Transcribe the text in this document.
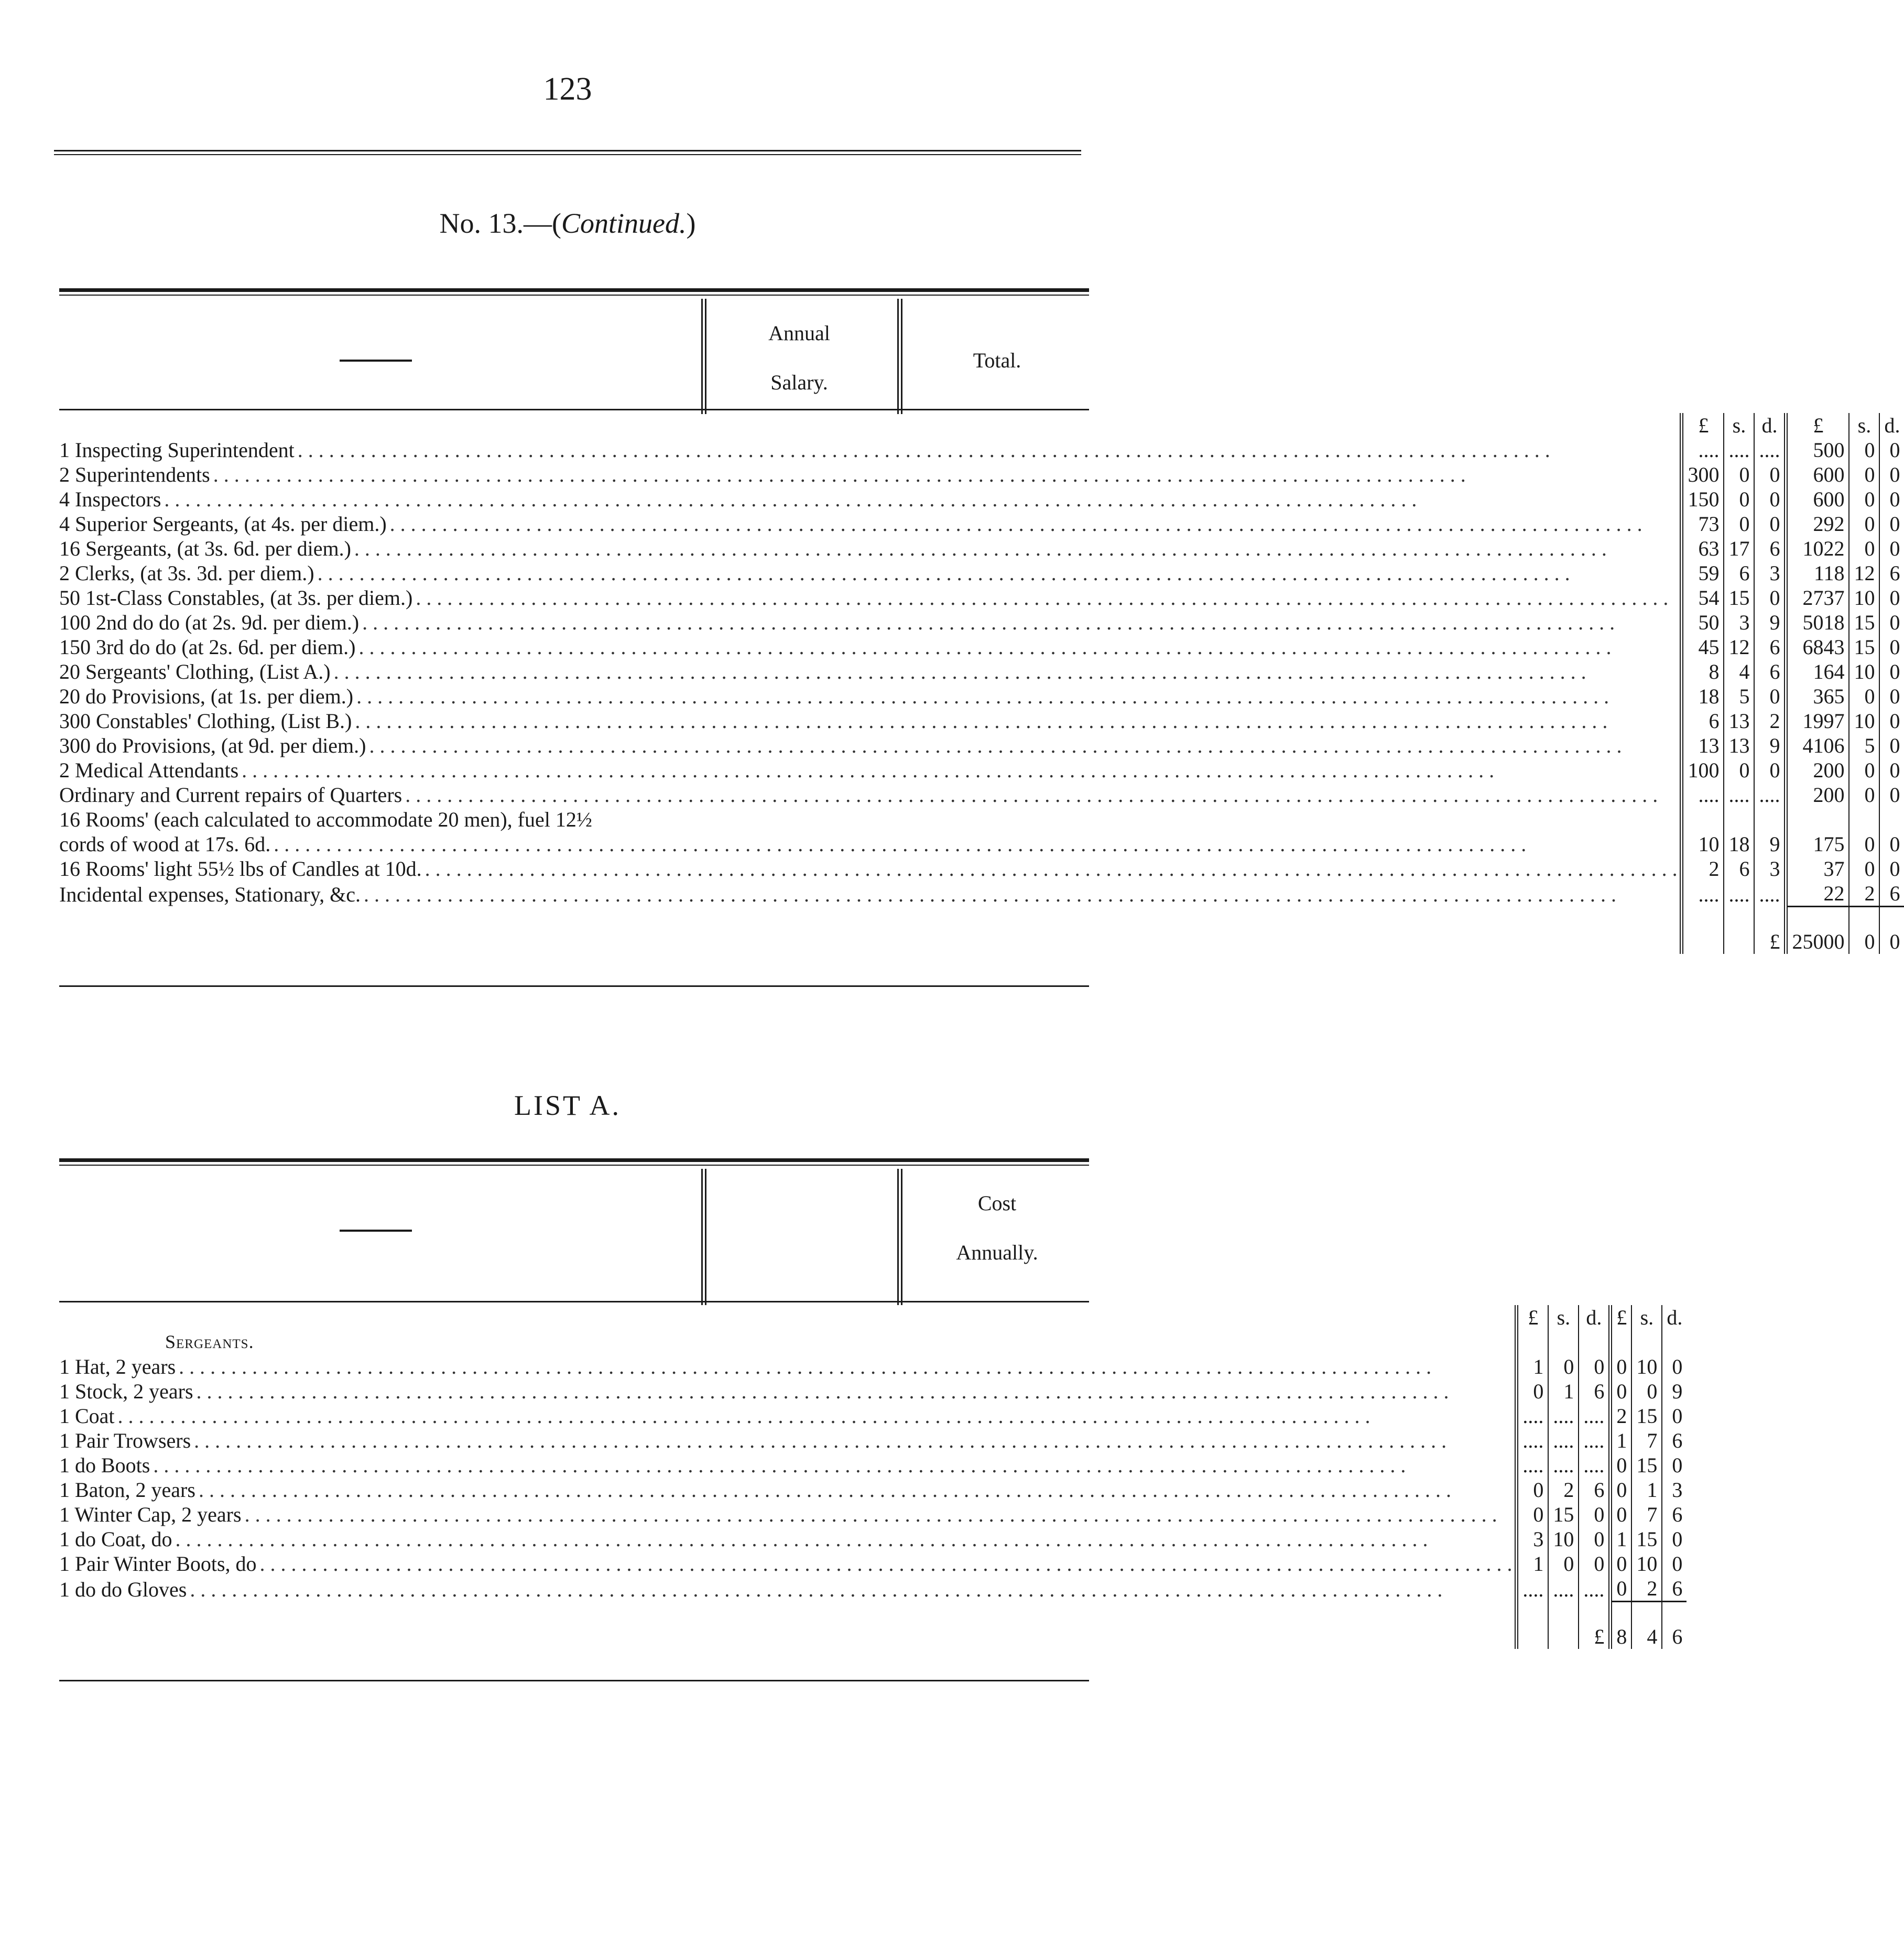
123
No. 13.—(Continued.)
Annual
Salary.
Total.
	£	s.	d.	£	s.	d.
1 Inspecting Superintendent. . . . . . . . . . . . . . . . . . . . . . . . . . . . . . . . . . . . . . . . . . . . . . . . . . . . . . . . . . . . . . . . . . . . . . . . . . . . . . . . . . . . . . . . . . . . . . . . . . . . . . . . . . . . . . . . . . . . . . . .	....	....	....	500	0	0
2 Superintendents. . . . . . . . . . . . . . . . . . . . . . . . . . . . . . . . . . . . . . . . . . . . . . . . . . . . . . . . . . . . . . . . . . . . . . . . . . . . . . . . . . . . . . . . . . . . . . . . . . . . . . . . . . . . . . . . . . . . . . . .	300	0	0	600	0	0
4 Inspectors. . . . . . . . . . . . . . . . . . . . . . . . . . . . . . . . . . . . . . . . . . . . . . . . . . . . . . . . . . . . . . . . . . . . . . . . . . . . . . . . . . . . . . . . . . . . . . . . . . . . . . . . . . . . . . . . . . . . . . . .	150	0	0	600	0	0
4 Superior Sergeants, (at 4s. per diem.). . . . . . . . . . . . . . . . . . . . . . . . . . . . . . . . . . . . . . . . . . . . . . . . . . . . . . . . . . . . . . . . . . . . . . . . . . . . . . . . . . . . . . . . . . . . . . . . . . . . . . . . . . . . . . . . . . . . . . . .	73	0	0	292	0	0
16 Sergeants, (at 3s. 6d. per diem.). . . . . . . . . . . . . . . . . . . . . . . . . . . . . . . . . . . . . . . . . . . . . . . . . . . . . . . . . . . . . . . . . . . . . . . . . . . . . . . . . . . . . . . . . . . . . . . . . . . . . . . . . . . . . . . . . . . . . . . .	63	17	6	1022	0	0
2 Clerks, (at 3s. 3d. per diem.). . . . . . . . . . . . . . . . . . . . . . . . . . . . . . . . . . . . . . . . . . . . . . . . . . . . . . . . . . . . . . . . . . . . . . . . . . . . . . . . . . . . . . . . . . . . . . . . . . . . . . . . . . . . . . . . . . . . . . . .	59	6	3	118	12	6
50 1st-Class Constables, (at 3s. per diem.). . . . . . . . . . . . . . . . . . . . . . . . . . . . . . . . . . . . . . . . . . . . . . . . . . . . . . . . . . . . . . . . . . . . . . . . . . . . . . . . . . . . . . . . . . . . . . . . . . . . . . . . . . . . . . . . . . . . . . . .	54	15	0	2737	10	0
100 2nd do do (at 2s. 9d. per diem.). . . . . . . . . . . . . . . . . . . . . . . . . . . . . . . . . . . . . . . . . . . . . . . . . . . . . . . . . . . . . . . . . . . . . . . . . . . . . . . . . . . . . . . . . . . . . . . . . . . . . . . . . . . . . . . . . . . . . . . .	50	3	9	5018	15	0
150 3rd do do (at 2s. 6d. per diem.). . . . . . . . . . . . . . . . . . . . . . . . . . . . . . . . . . . . . . . . . . . . . . . . . . . . . . . . . . . . . . . . . . . . . . . . . . . . . . . . . . . . . . . . . . . . . . . . . . . . . . . . . . . . . . . . . . . . . . . .	45	12	6	6843	15	0
20 Sergeants' Clothing, (List A.). . . . . . . . . . . . . . . . . . . . . . . . . . . . . . . . . . . . . . . . . . . . . . . . . . . . . . . . . . . . . . . . . . . . . . . . . . . . . . . . . . . . . . . . . . . . . . . . . . . . . . . . . . . . . . . . . . . . . . . .	8	4	6	164	10	0
20 do Provisions, (at 1s. per diem.). . . . . . . . . . . . . . . . . . . . . . . . . . . . . . . . . . . . . . . . . . . . . . . . . . . . . . . . . . . . . . . . . . . . . . . . . . . . . . . . . . . . . . . . . . . . . . . . . . . . . . . . . . . . . . . . . . . . . . . .	18	5	0	365	0	0
300 Constables' Clothing, (List B.). . . . . . . . . . . . . . . . . . . . . . . . . . . . . . . . . . . . . . . . . . . . . . . . . . . . . . . . . . . . . . . . . . . . . . . . . . . . . . . . . . . . . . . . . . . . . . . . . . . . . . . . . . . . . . . . . . . . . . . .	6	13	2	1997	10	0
300 do Provisions, (at 9d. per diem.). . . . . . . . . . . . . . . . . . . . . . . . . . . . . . . . . . . . . . . . . . . . . . . . . . . . . . . . . . . . . . . . . . . . . . . . . . . . . . . . . . . . . . . . . . . . . . . . . . . . . . . . . . . . . . . . . . . . . . . .	13	13	9	4106	5	0
2 Medical Attendants. . . . . . . . . . . . . . . . . . . . . . . . . . . . . . . . . . . . . . . . . . . . . . . . . . . . . . . . . . . . . . . . . . . . . . . . . . . . . . . . . . . . . . . . . . . . . . . . . . . . . . . . . . . . . . . . . . . . . . . .	100	0	0	200	0	0
Ordinary and Current repairs of Quarters. . . . . . . . . . . . . . . . . . . . . . . . . . . . . . . . . . . . . . . . . . . . . . . . . . . . . . . . . . . . . . . . . . . . . . . . . . . . . . . . . . . . . . . . . . . . . . . . . . . . . . . . . . . . . . . . . . . . . . . .	....	....	....	200	0	0
16 Rooms' (each calculated to accommodate 20 men), fuel 12½						
cords of wood at 17s. 6d.. . . . . . . . . . . . . . . . . . . . . . . . . . . . . . . . . . . . . . . . . . . . . . . . . . . . . . . . . . . . . . . . . . . . . . . . . . . . . . . . . . . . . . . . . . . . . . . . . . . . . . . . . . . . . . . . . . . . . . . .	10	18	9	175	0	0
16 Rooms' light 55½ lbs of Candles at 10d.. . . . . . . . . . . . . . . . . . . . . . . . . . . . . . . . . . . . . . . . . . . . . . . . . . . . . . . . . . . . . . . . . . . . . . . . . . . . . . . . . . . . . . . . . . . . . . . . . . . . . . . . . . . . . . . . . . . . . . . .	2	6	3	37	0	0
Incidental expenses, Stationary, &c.. . . . . . . . . . . . . . . . . . . . . . . . . . . . . . . . . . . . . . . . . . . . . . . . . . . . . . . . . . . . . . . . . . . . . . . . . . . . . . . . . . . . . . . . . . . . . . . . . . . . . . . . . . . . . . . . . . . . . . . .	....	....	....	22	2	6
			£	25000	0	0
LIST A.
Cost
Annually.
	£	s.	d.	£	s.	d.
Sergeants.						
1 Hat, 2 years. . . . . . . . . . . . . . . . . . . . . . . . . . . . . . . . . . . . . . . . . . . . . . . . . . . . . . . . . . . . . . . . . . . . . . . . . . . . . . . . . . . . . . . . . . . . . . . . . . . . . . . . . . . . . . . . . . . . . . . .	1	0	0	0	10	0
1 Stock, 2 years. . . . . . . . . . . . . . . . . . . . . . . . . . . . . . . . . . . . . . . . . . . . . . . . . . . . . . . . . . . . . . . . . . . . . . . . . . . . . . . . . . . . . . . . . . . . . . . . . . . . . . . . . . . . . . . . . . . . . . . .	0	1	6	0	0	9
1 Coat. . . . . . . . . . . . . . . . . . . . . . . . . . . . . . . . . . . . . . . . . . . . . . . . . . . . . . . . . . . . . . . . . . . . . . . . . . . . . . . . . . . . . . . . . . . . . . . . . . . . . . . . . . . . . . . . . . . . . . . .	....	....	....	2	15	0
1 Pair Trowsers. . . . . . . . . . . . . . . . . . . . . . . . . . . . . . . . . . . . . . . . . . . . . . . . . . . . . . . . . . . . . . . . . . . . . . . . . . . . . . . . . . . . . . . . . . . . . . . . . . . . . . . . . . . . . . . . . . . . . . . .	....	....	....	1	7	6
1 do Boots. . . . . . . . . . . . . . . . . . . . . . . . . . . . . . . . . . . . . . . . . . . . . . . . . . . . . . . . . . . . . . . . . . . . . . . . . . . . . . . . . . . . . . . . . . . . . . . . . . . . . . . . . . . . . . . . . . . . . . . .	....	....	....	0	15	0
1 Baton, 2 years. . . . . . . . . . . . . . . . . . . . . . . . . . . . . . . . . . . . . . . . . . . . . . . . . . . . . . . . . . . . . . . . . . . . . . . . . . . . . . . . . . . . . . . . . . . . . . . . . . . . . . . . . . . . . . . . . . . . . . . .	0	2	6	0	1	3
1 Winter Cap, 2 years. . . . . . . . . . . . . . . . . . . . . . . . . . . . . . . . . . . . . . . . . . . . . . . . . . . . . . . . . . . . . . . . . . . . . . . . . . . . . . . . . . . . . . . . . . . . . . . . . . . . . . . . . . . . . . . . . . . . . . . .	0	15	0	0	7	6
1 do Coat, do. . . . . . . . . . . . . . . . . . . . . . . . . . . . . . . . . . . . . . . . . . . . . . . . . . . . . . . . . . . . . . . . . . . . . . . . . . . . . . . . . . . . . . . . . . . . . . . . . . . . . . . . . . . . . . . . . . . . . . . .	3	10	0	1	15	0
1 Pair Winter Boots, do. . . . . . . . . . . . . . . . . . . . . . . . . . . . . . . . . . . . . . . . . . . . . . . . . . . . . . . . . . . . . . . . . . . . . . . . . . . . . . . . . . . . . . . . . . . . . . . . . . . . . . . . . . . . . . . . . . . . . . . .	1	0	0	0	10	0
1 do do Gloves. . . . . . . . . . . . . . . . . . . . . . . . . . . . . . . . . . . . . . . . . . . . . . . . . . . . . . . . . . . . . . . . . . . . . . . . . . . . . . . . . . . . . . . . . . . . . . . . . . . . . . . . . . . . . . . . . . . . . . . .	....	....	....	0	2	6
			£	8	4	6
